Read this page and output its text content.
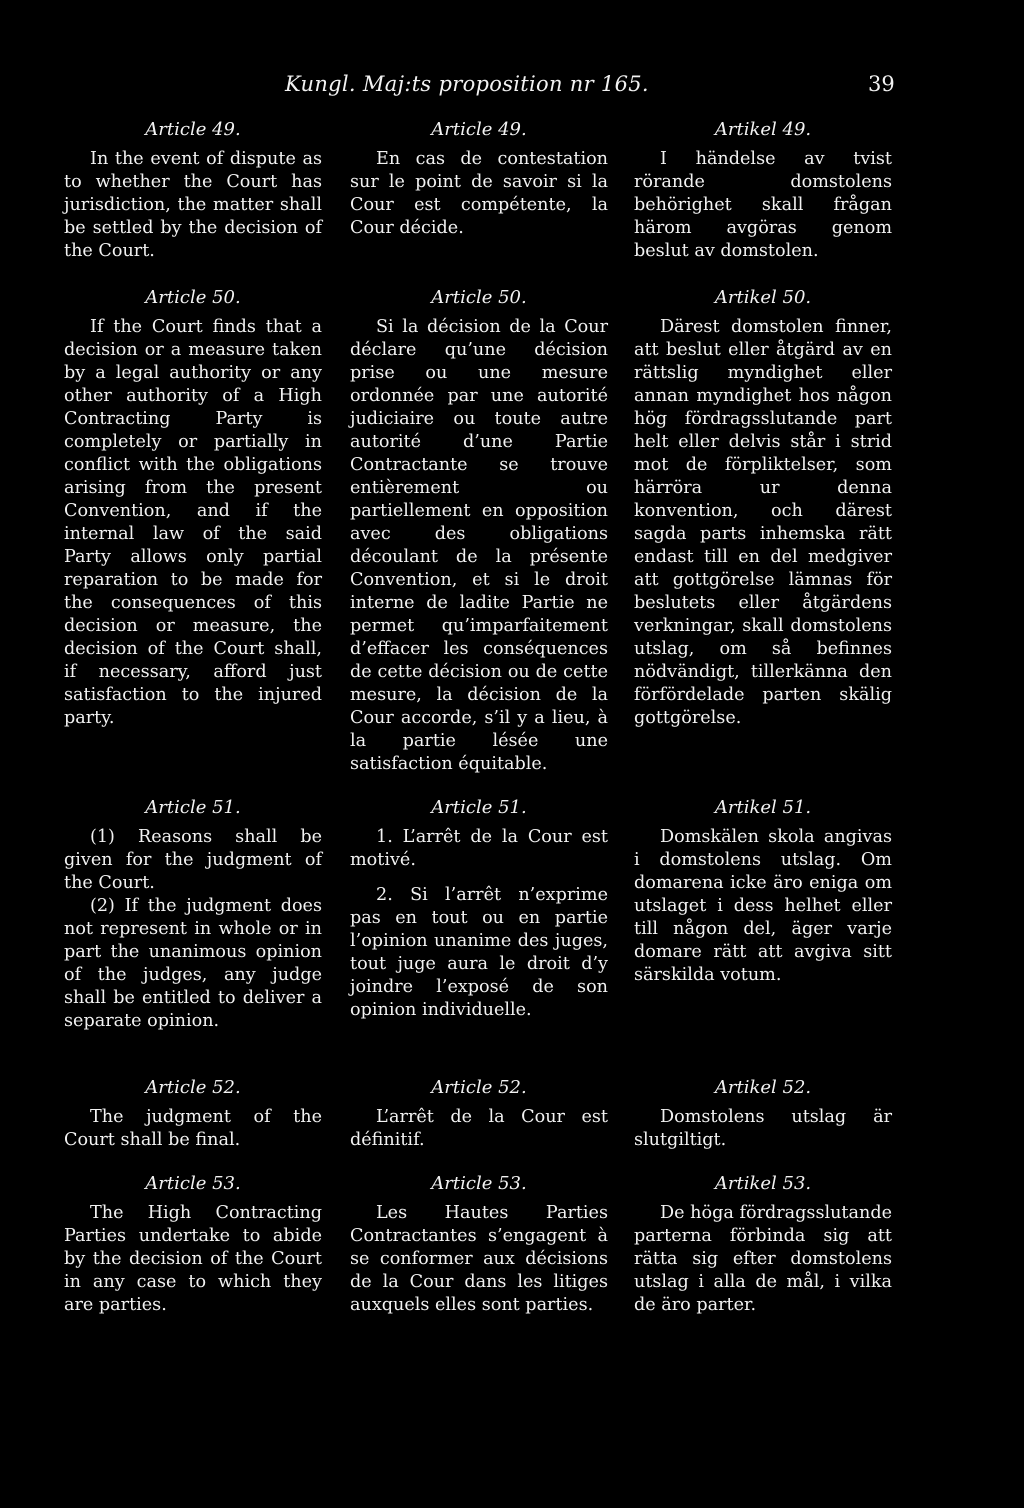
Kungl. Maj:ts proposition nr 165.	39

Article 49.

In the event of dispute as to whether the Court has jurisdiction, the matter shall be settled by the decision of the Court.

Article 49.

En cas de contestation sur le point de savoir si la Cour est compétente, la Cour décide.

Artikel 49.

I händelse av tvist rörande domstolens behörighet skall frågan härom avgöras genom beslut av domstolen.

Article 50.

If the Court finds that a decision or a measure taken by a legal authority or any other authority of a High Contracting Party is completely or partially in conflict with the obligations arising from the present Convention, and if the internal law of the said Party allows only partial reparation to be made for the consequences of this decision or measure, the decision of the Court shall, if necessary, afford just satisfaction to the injured party.

Article 50.

Si la décision de la Cour déclare qu’une décision prise ou une mesure ordonnée par une autorité judiciaire ou toute autre autorité d’une Partie Contractante se trouve entièrement ou partiellement en opposition avec des obligations découlant de la présente Convention, et si le droit interne de ladite Partie ne permet qu’imparfaitement d’effacer les conséquences de cette décision ou de cette mesure, la décision de la Cour accorde, s’il y a lieu, à la partie lésée une satisfaction équitable.

Artikel 50.

Därest domstolen finner, att beslut eller åtgärd av en rättslig myndighet eller annan myndighet hos någon hög fördragsslutande part helt eller delvis står i strid mot de förpliktelser, som härröra ur denna konvention, och därest sagda parts inhemska rätt endast till en del medgiver att gottgörelse lämnas för beslutets eller åtgärdens verkningar, skall domstolens utslag, om så befinnes nödvändigt, tillerkänna den förfördelade parten skälig gottgörelse.

Article 51.

(1) Reasons shall be given for the judgment of the Court.

(2) If the judgment does not represent in whole or in part the unanimous opinion of the judges, any judge shall be entitled to deliver a separate opinion.

Article 51.

1. L’arrêt de la Cour est motivé.

2. Si l’arrêt n’exprime pas en tout ou en partie l’opinion unanime des juges, tout juge aura le droit d’y joindre l’exposé de son opinion individuelle.

Artikel 51.

Domskälen skola angivas i domstolens utslag. Om domarena icke äro eniga om utslaget i dess helhet eller till någon del, äger varje domare rätt att avgiva sitt särskilda votum.

Article 52.

The judgment of the Court shall be final.

Article 52.

L’arrêt de la Cour est définitif.

Artikel 52.

Domstolens utslag är slutgiltigt.

Article 53.

The High Contracting Parties undertake to abide by the decision of the Court in any case to which they are parties.

Article 53.

Les Hautes Parties Contractantes s’engagent à se conformer aux décisions de la Cour dans les litiges auxquels elles sont parties.

Artikel 53.

De höga fördragsslutande parterna förbinda sig att rätta sig efter domstolens utslag i alla de mål, i vilka de äro parter.
